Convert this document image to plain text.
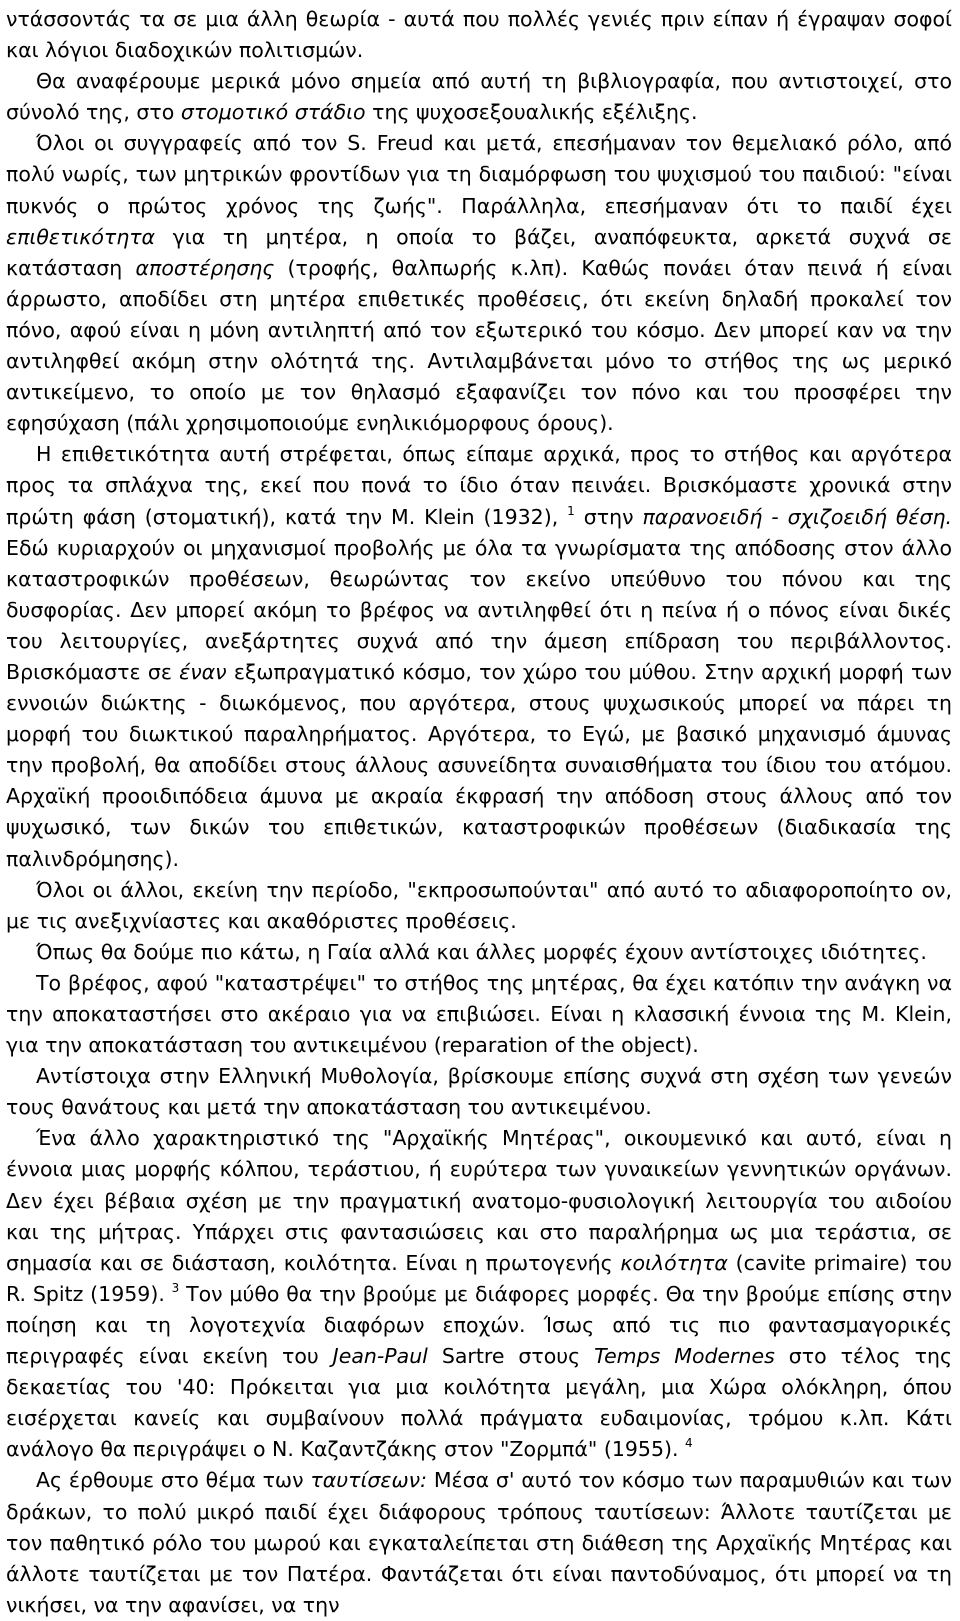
ντάσσοντάς τα σε μια άλλη θεωρία - αυτά που πολλές γενιές πριν είπαν ή έγραψαν σοφοί και λόγιοι διαδοχικών πολιτισμών.

Θα αναφέρουμε μερικά μόνο σημεία από αυτή τη βιβλιογραφία, που αντιστοιχεί, στο σύνολό της, στο στομοτικό στάδιο της ψυχοσεξουαλικής εξέλιξης.

Όλοι οι συγγραφείς από τον S. Freud και μετά, επεσήμαναν τον θεμελιακό ρόλο, από πολύ νωρίς, των μητρικών φροντίδων για τη διαμόρφωση του ψυχισμού του παιδιού: "είναι πυκνός ο πρώτος χρόνος της ζωής". Παράλληλα, επεσήμαναν ότι το παιδί έχει επιθετικότητα για τη μητέρα, η οποία το βάζει, αναπόφευκτα, αρκετά συχνά σε κατάσταση αποστέρησης (τροφής, θαλπωρής κ.λπ). Καθώς πονάει όταν πεινά ή είναι άρρωστο, αποδίδει στη μητέρα επιθετικές προθέσεις, ότι εκείνη δηλαδή προκαλεί τον πόνο, αφού είναι η μόνη αντιληπτή από τον εξωτερικό του κόσμο. Δεν μπορεί καν να την αντιληφθεί ακόμη στην ολότητά της. Αντιλαμβάνεται μόνο το στήθος της ως μερικό αντικείμενο, το οποίο με τον θηλασμό εξαφανίζει τον πόνο και του προσφέρει την εφησύχαση (πάλι χρησιμοποιούμε ενηλικιόμορφους όρους).

Η επιθετικότητα αυτή στρέφεται, όπως είπαμε αρχικά, προς το στήθος και αργότερα προς τα σπλάχνα της, εκεί που πονά το ίδιο όταν πεινάει. Βρισκόμαστε χρονικά στην πρώτη φάση (στοματική), κατά την M. Klein (1932), $^1$ στην παρανοειδή - σχιζοειδή θέση. Εδώ κυριαρχούν οι μηχανισμοί προβολής με όλα τα γνωρίσματα της απόδοσης στον άλλο καταστροφικών προθέσεων, θεωρώντας τον εκείνο υπεύθυνο του πόνου και της δυσφορίας. Δεν μπορεί ακόμη το βρέφος να αντιληφθεί ότι η πείνα ή ο πόνος είναι δικές του λειτουργίες, ανεξάρτητες συχνά από την άμεση επίδραση του περιβάλλοντος. Βρισκόμαστε σε έναν εξωπραγματικό κόσμο, τον χώρο του μύθου. Στην αρχική μορφή των εννοιών διώκτης - διωκόμενος, που αργότερα, στους ψυχωσικούς μπορεί να πάρει τη μορφή του διωκτικού παραληρήματος. Αργότερα, το Εγώ, με βασικό μηχανισμό άμυνας την προβολή, θα αποδίδει στους άλλους ασυνείδητα συναισθήματα του ίδιου του ατόμου. Αρχαϊκή προοιδιπόδεια άμυνα με ακραία έκφρασή την απόδοση στους άλλους από τον ψυχωσικό, των δικών του επιθετικών, καταστροφικών προθέσεων (διαδικασία της παλινδρόμησης).

Όλοι οι άλλοι, εκείνη την περίοδο, "εκπροσωπούνται" από αυτό το αδιαφοροποίητο ον, με τις ανεξιχνίαστες και ακαθόριστες προθέσεις.

Όπως θα δούμε πιο κάτω, η Γαία αλλά και άλλες μορφές έχουν αντίστοιχες ιδιότητες.

Το βρέφος, αφού "καταστρέψει" το στήθος της μητέρας, θα έχει κατόπιν την ανάγκη να την αποκαταστήσει στο ακέραιο για να επιβιώσει. Είναι η κλασσική έννοια της M. Klein, για την αποκατάσταση του αντικειμένου (reparation of the object).

Αντίστοιχα στην Ελληνική Μυθολογία, βρίσκουμε επίσης συχνά στη σχέση των γενεών τους θανάτους και μετά την αποκατάσταση του αντικειμένου.

Ένα άλλο χαρακτηριστικό της "Αρχαϊκής Μητέρας", οικουμενικό και αυτό, είναι η έννοια μιας μορφής κόλπου, τεράστιου, ή ευρύτερα των γυναικείων γεννητικών οργάνων. Δεν έχει βέβαια σχέση με την πραγματική ανατομο-φυσιολογική λειτουργία του αιδοίου και της μήτρας. Υπάρχει στις φαντασιώσεις και στο παραλήρημα ως μια τεράστια, σε σημασία και σε διάσταση, κοιλότητα. Είναι η πρωτογενής κοιλότητα (cavite primaire) του R. Spitz (1959). $^3$ Τον μύθο θα την βρούμε με διάφορες μορφές. Θα την βρούμε επίσης στην ποίηση και τη λογοτεχνία διαφόρων εποχών. Ίσως από τις πιο φαντασμαγορικές περιγραφές είναι εκείνη του Jean-Paul Sartre στους Temps Modernes στο τέλος της δεκαετίας του '40: Πρόκειται για μια κοιλότητα μεγάλη, μια Χώρα ολόκληρη, όπου εισέρχεται κανείς και συμβαίνουν πολλά πράγματα ευδαιμονίας, τρόμου κ.λπ. Κάτι ανάλογο θα περιγράψει ο Ν. Καζαντζάκης στον "Ζορμπά" (1955). $^4$

Ας έρθουμε στο θέμα των ταυτίσεων: Μέσα σ' αυτό τον κόσμο των παραμυθιών και των δράκων, το πολύ μικρό παιδί έχει διάφορους τρόπους ταυτίσεων: Άλλοτε ταυτίζεται με τον παθητικό ρόλο του μωρού και εγκαταλείπεται στη διάθεση της Αρχαϊκής Μητέρας και άλλοτε ταυτίζεται με τον Πατέρα. Φαντάζεται ότι είναι παντοδύναμος, ότι μπορεί να τη νικήσει, να την αφανίσει, να την
